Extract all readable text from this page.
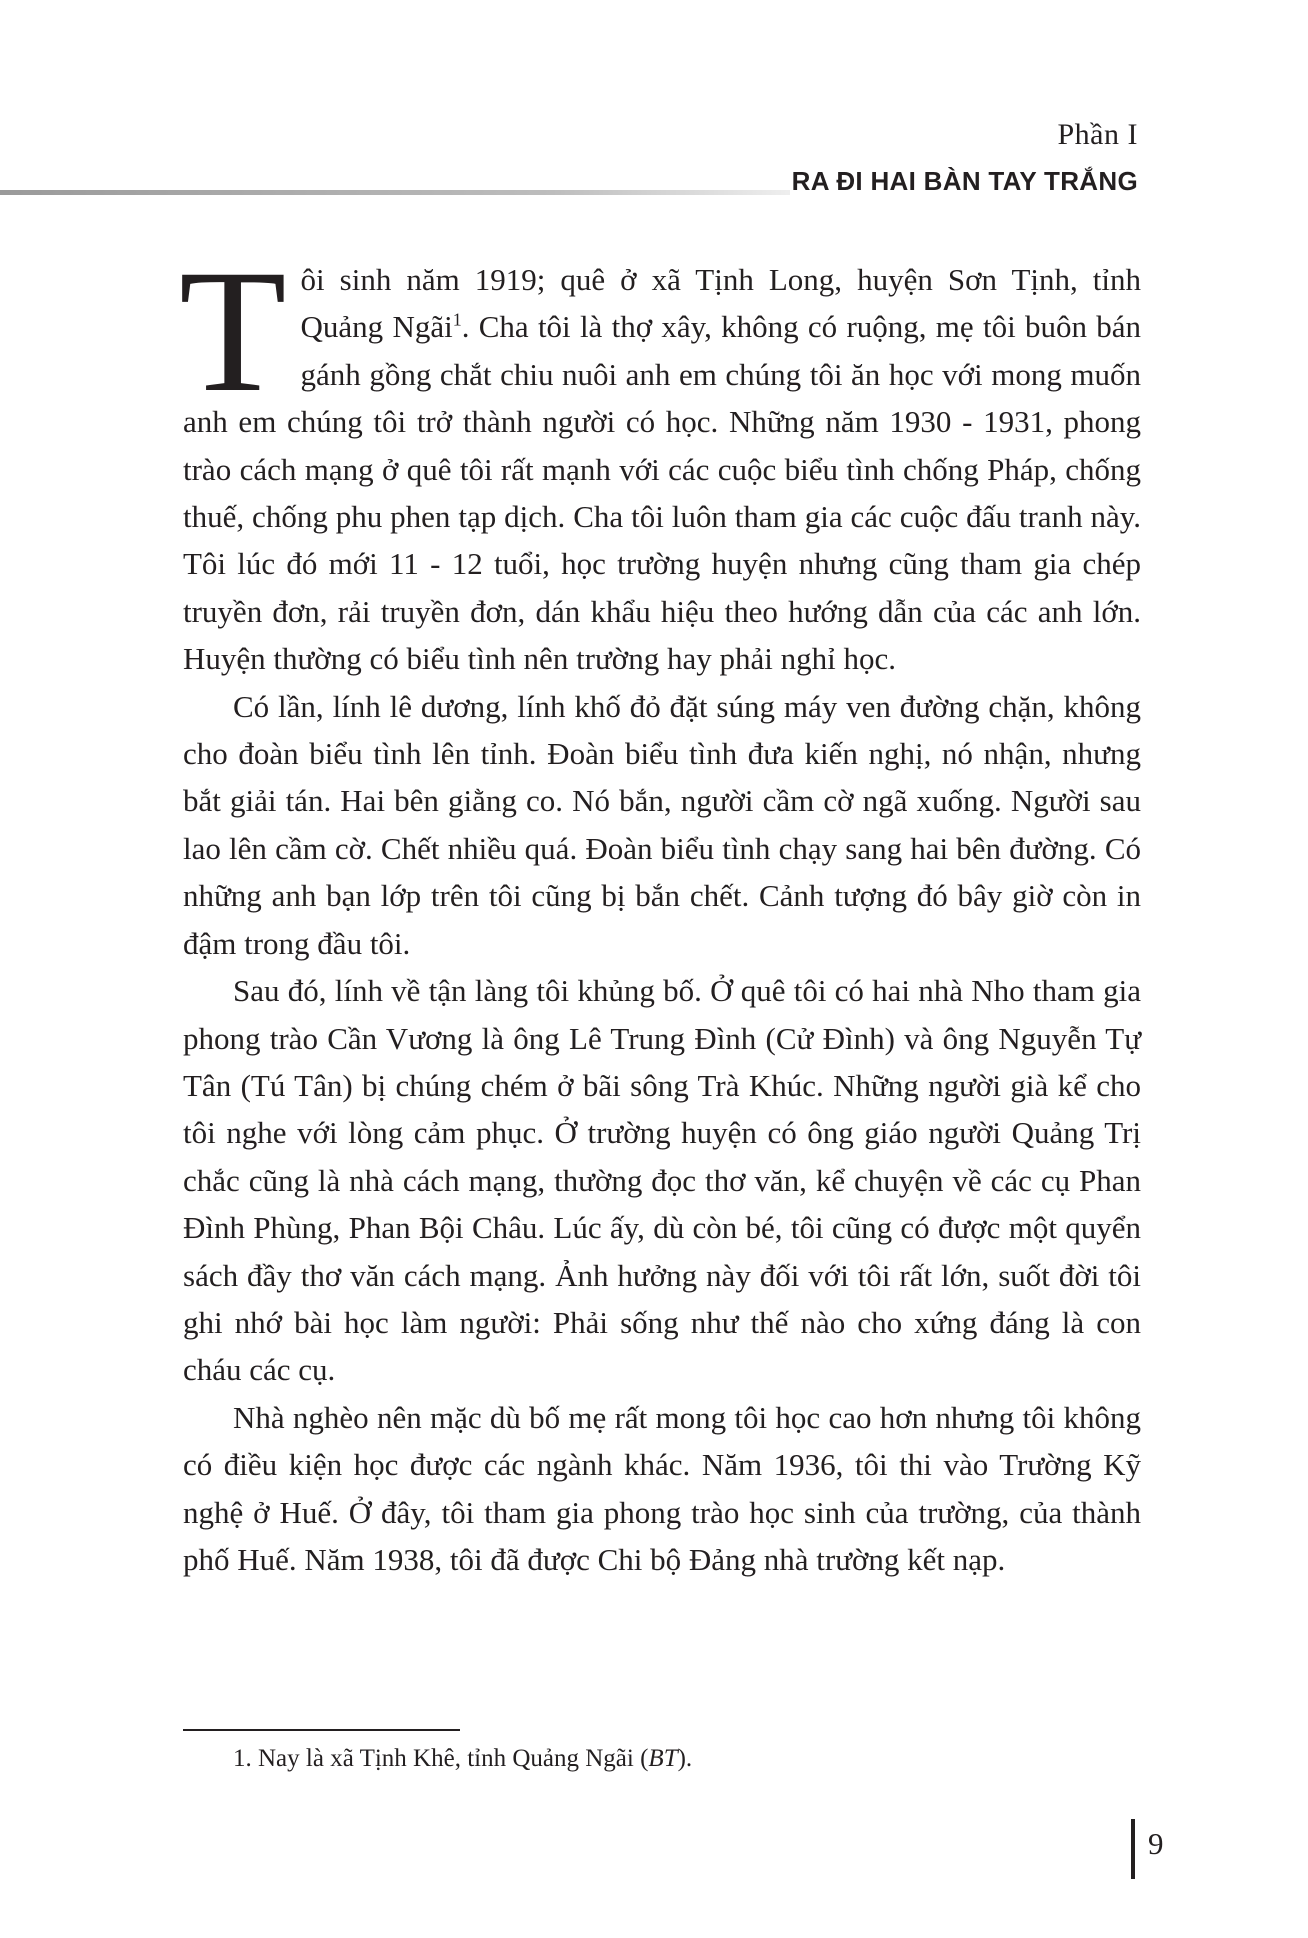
Phần I
RA ĐI HAI BÀN TAY TRẮNG

Tôi sinh năm 1919; quê ở xã Tịnh Long, huyện Sơn Tịnh, tỉnh Quảng Ngãi$^1$. Cha tôi là thợ xây, không có ruộng, mẹ tôi buôn bán gánh gồng chắt chiu nuôi anh em chúng tôi ăn học với mong muốn anh em chúng tôi trở thành người có học. Những năm 1930 - 1931, phong trào cách mạng ở quê tôi rất mạnh với các cuộc biểu tình chống Pháp, chống thuế, chống phu phen tạp dịch. Cha tôi luôn tham gia các cuộc đấu tranh này. Tôi lúc đó mới 11 - 12 tuổi, học trường huyện nhưng cũng tham gia chép truyền đơn, rải truyền đơn, dán khẩu hiệu theo hướng dẫn của các anh lớn. Huyện thường có biểu tình nên trường hay phải nghỉ học.

Có lần, lính lê dương, lính khố đỏ đặt súng máy ven đường chặn, không cho đoàn biểu tình lên tỉnh. Đoàn biểu tình đưa kiến nghị, nó nhận, nhưng bắt giải tán. Hai bên giằng co. Nó bắn, người cầm cờ ngã xuống. Người sau lao lên cầm cờ. Chết nhiều quá. Đoàn biểu tình chạy sang hai bên đường. Có những anh bạn lớp trên tôi cũng bị bắn chết. Cảnh tượng đó bây giờ còn in đậm trong đầu tôi.

Sau đó, lính về tận làng tôi khủng bố. Ở quê tôi có hai nhà Nho tham gia phong trào Cần Vương là ông Lê Trung Đình (Cử Đình) và ông Nguyễn Tự Tân (Tú Tân) bị chúng chém ở bãi sông Trà Khúc. Những người già kể cho tôi nghe với lòng cảm phục. Ở trường huyện có ông giáo người Quảng Trị chắc cũng là nhà cách mạng, thường đọc thơ văn, kể chuyện về các cụ Phan Đình Phùng, Phan Bội Châu. Lúc ấy, dù còn bé, tôi cũng có được một quyển sách đầy thơ văn cách mạng. Ảnh hưởng này đối với tôi rất lớn, suốt đời tôi ghi nhớ bài học làm người: Phải sống như thế nào cho xứng đáng là con cháu các cụ.

Nhà nghèo nên mặc dù bố mẹ rất mong tôi học cao hơn nhưng tôi không có điều kiện học được các ngành khác. Năm 1936, tôi thi vào Trường Kỹ nghệ ở Huế. Ở đây, tôi tham gia phong trào học sinh của trường, của thành phố Huế. Năm 1938, tôi đã được Chi bộ Đảng nhà trường kết nạp.

1. Nay là xã Tịnh Khê, tỉnh Quảng Ngãi (BT).
9
